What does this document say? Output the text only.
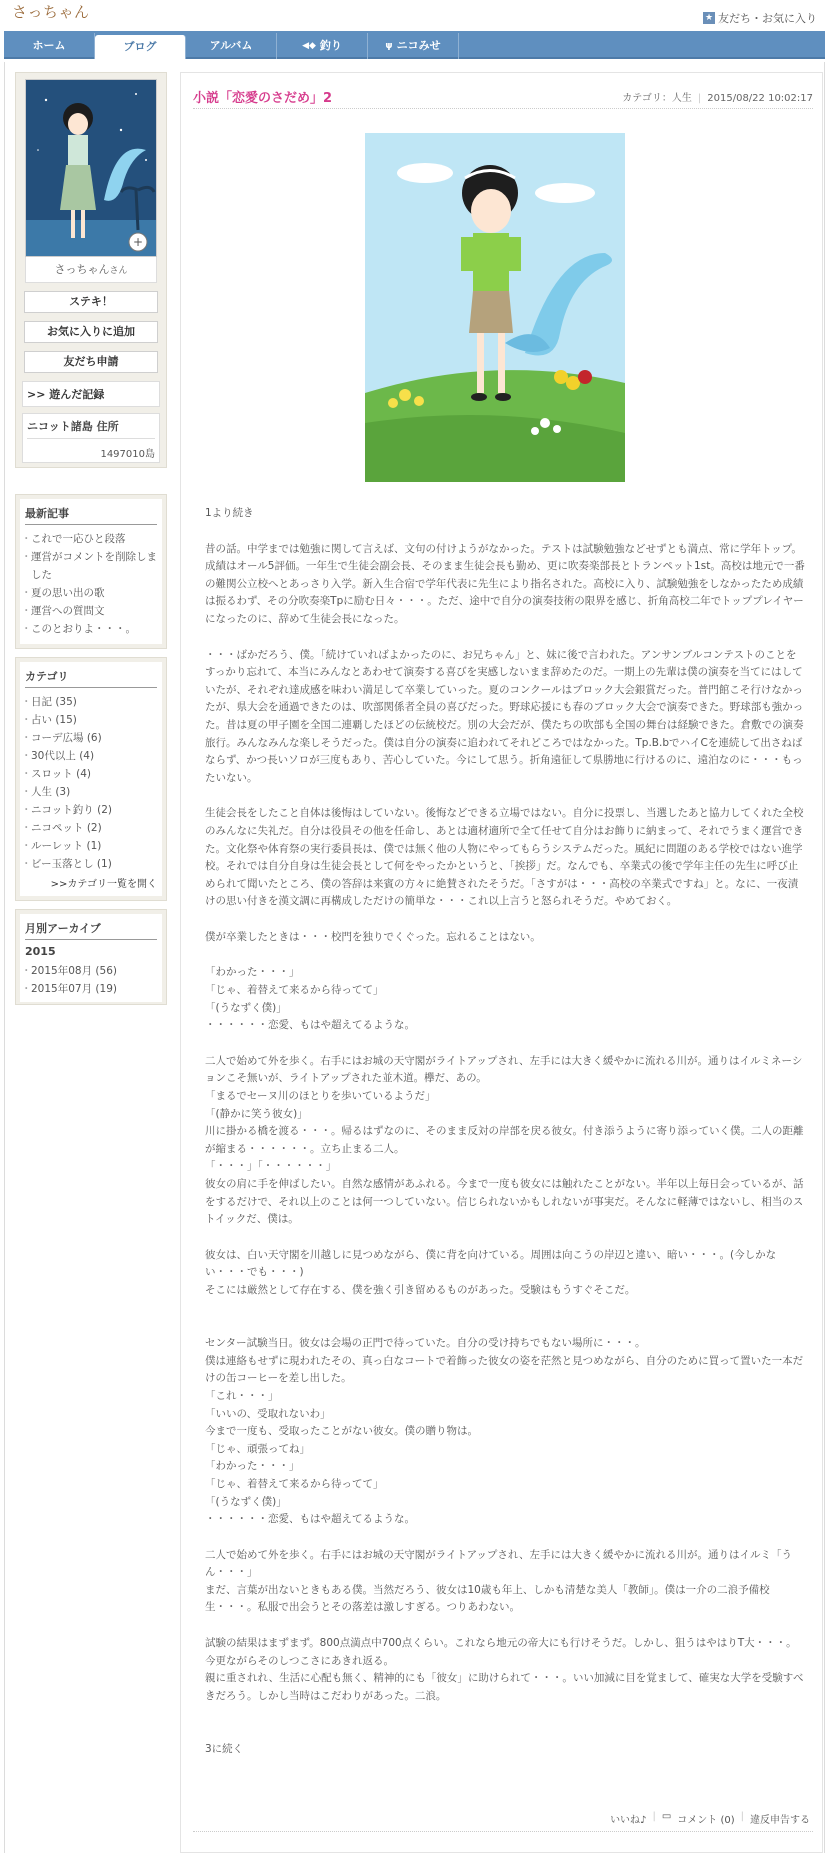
さっちゃん	★ 友だち・お気に入り
ホーム	ブログ	アルバム	◀◆ 釣り	ψ ニコみせ
+
さっちゃんさん
ステキ！
お気に入りに追加
友だち申請
>> 遊んだ記録
ニコット諸島 住所
1497010島
最新記事
・ これで一応ひと段落
・ 運営がコメントを削除しました
・ 夏の思い出の歌
・ 運営への質問文
・ このとおりよ・・・。
カテゴリ
・ 日記 (35)
・ 占い (15)
・ コーデ広場 (6)
・ 30代以上 (4)
・ スロット (4)
・ 人生 (3)
・ ニコット釣り (2)
・ ニコペット (2)
・ ルーレット (1)
・ ビー玉落とし (1)
>>カテゴリ一覧を開く
月別アーカイブ
2015
・ 2015年08月 (56)
・ 2015年07月 (19)
小説「恋愛のさだめ」2	カテゴリ：人生 | 2015/08/22 10:02:17

1より続き

昔の話。中学までは勉強に関して言えば、文句の付けようがなかった。テストは試験勉強などせずとも満点、常に学年トップ。成績はオール5評価。一年生で生徒会副会長、そのまま生徒会長も勤め、更に吹奏楽部長とトランペット1st。高校は地元で一番の難関公立校へとあっさり入学。新入生合宿で学年代表に先生により指名された。高校に入り、試験勉強をしなかったため成績は振るわず、その分吹奏楽Tpに励む日々・・・。ただ、途中で自分の演奏技術の限界を感じ、折角高校二年でトッププレイヤーになったのに、辞めて生徒会長になった。

・・・ばかだろう、僕。「続けていればよかったのに、お兄ちゃん」と、妹に後で言われた。アンサンブルコンテストのことをすっかり忘れて、本当にみんなとあわせて演奏する喜びを実感しないまま辞めたのだ。一期上の先輩は僕の演奏を当てにはしていたが、それぞれ達成感を味わい満足して卒業していった。夏のコンクールはブロック大会銀賞だった。普門館こそ行けなかったが、県大会を通過できたのは、吹部関係者全員の喜びだった。野球応援にも春のブロック大会で演奏できた。野球部も強かった。昔は夏の甲子園を全国二連覇したほどの伝統校だ。別の大会だが、僕たちの吹部も全国の舞台は経験できた。倉敷での演奏旅行。みんなみんな楽しそうだった。僕は自分の演奏に追われてそれどころではなかった。Tp.B.bでハイCを連続して出さねばならず、かつ長いソロが三度もあり、苦心していた。今にして思う。折角遠征して県勝地に行けるのに、遠泊なのに・・・もったいない。

生徒会長をしたこと自体は後悔はしていない。後悔などできる立場ではない。自分に投票し、当選したあと協力してくれた全校のみんなに失礼だ。自分は役員その他を任命し、あとは適材適所で全て任せて自分はお飾りに納まって、それでうまく運営できた。文化祭や体育祭の実行委員長は、僕では無く他の人物にやってもらうシステムだった。風紀に問題のある学校ではない進学校。それでは自分自身は生徒会長として何をやったかというと、「挨拶」だ。なんでも、卒業式の後で学年主任の先生に呼び止められて聞いたところ、僕の答辞は来賓の方々に絶賛されたそうだ。「さすがは・・・高校の卒業式ですね」と。なに、一夜漬けの思い付きを漢文調に再構成しただけの簡単な・・・これ以上言うと怒られそうだ。やめておく。

僕が卒業したときは・・・校門を独りでくぐった。忘れることはない。

「わかった・・・」
「じゃ、着替えて来るから待ってて」
「(うなずく僕)」
・・・・・・恋愛、もはや超えてるような。

二人で始めて外を歩く。右手にはお城の天守閣がライトアップされ、左手には大きく緩やかに流れる川が。通りはイルミネーションこそ無いが、ライトアップされた並木道。欅だ、あの。
「まるでセーヌ川のほとりを歩いているようだ」
「(静かに笑う彼女)」
川に掛かる橋を渡る・・・。帰るはずなのに、そのまま反対の岸部を戻る彼女。付き添うように寄り添っていく僕。二人の距離が縮まる・・・・・・。立ち止まる二人。
「・・・」「・・・・・・」
彼女の肩に手を伸ばしたい。自然な感情があふれる。今まで一度も彼女には触れたことがない。半年以上毎日会っているが、話をするだけで、それ以上のことは何一つしていない。信じられないかもしれないが事実だ。そんなに軽薄ではないし、相当のストイックだ、僕は。

彼女は、白い天守閣を川越しに見つめながら、僕に背を向けている。周囲は向こうの岸辺と違い、暗い・・・。(今しかない・・・でも・・・)
そこには厳然として存在する、僕を強く引き留めるものがあった。受験はもうすぐそこだ。

センター試験当日。彼女は会場の正門で待っていた。自分の受け持ちでもない場所に・・・。
僕は連絡もせずに現われたその、真っ白なコートで着飾った彼女の姿を茫然と見つめながら、自分のために買って置いた一本だけの缶コーヒーを差し出した。
「これ・・・」
「いいの、受取れないわ」
今まで一度も、受取ったことがない彼女。僕の贈り物は。
「じゃ、頑張ってね」
「わかった・・・」
「じゃ、着替えて来るから待ってて」
「(うなずく僕)」
・・・・・・恋愛、もはや超えてるような。

二人で始めて外を歩く。右手にはお城の天守閣がライトアップされ、左手には大きく緩やかに流れる川が。通りはイルミ「うん・・・」
まだ、言葉が出ないときもある僕。当然だろう、彼女は10歳も年上、しかも清楚な美人「教師」。僕は一介の二浪予備校生・・・。私服で出会うとその落差は激しすぎる。つりあわない。

試験の結果はまずまず。800点満点中700点くらい。これなら地元の帝大にも行けそうだ。しかし、狙うはやはりT大・・・。今更ながらそのしつこさにあきれ返る。
親に重されれ、生活に心配も無く、精神的にも「彼女」に助けられて・・・。いい加減に目を覚まして、確実な大学を受験すべきだろう。しかし当時はこだわりがあった。二浪。

3に続く

いいね♪ | ▭ コメント (0) | 違反申告する
